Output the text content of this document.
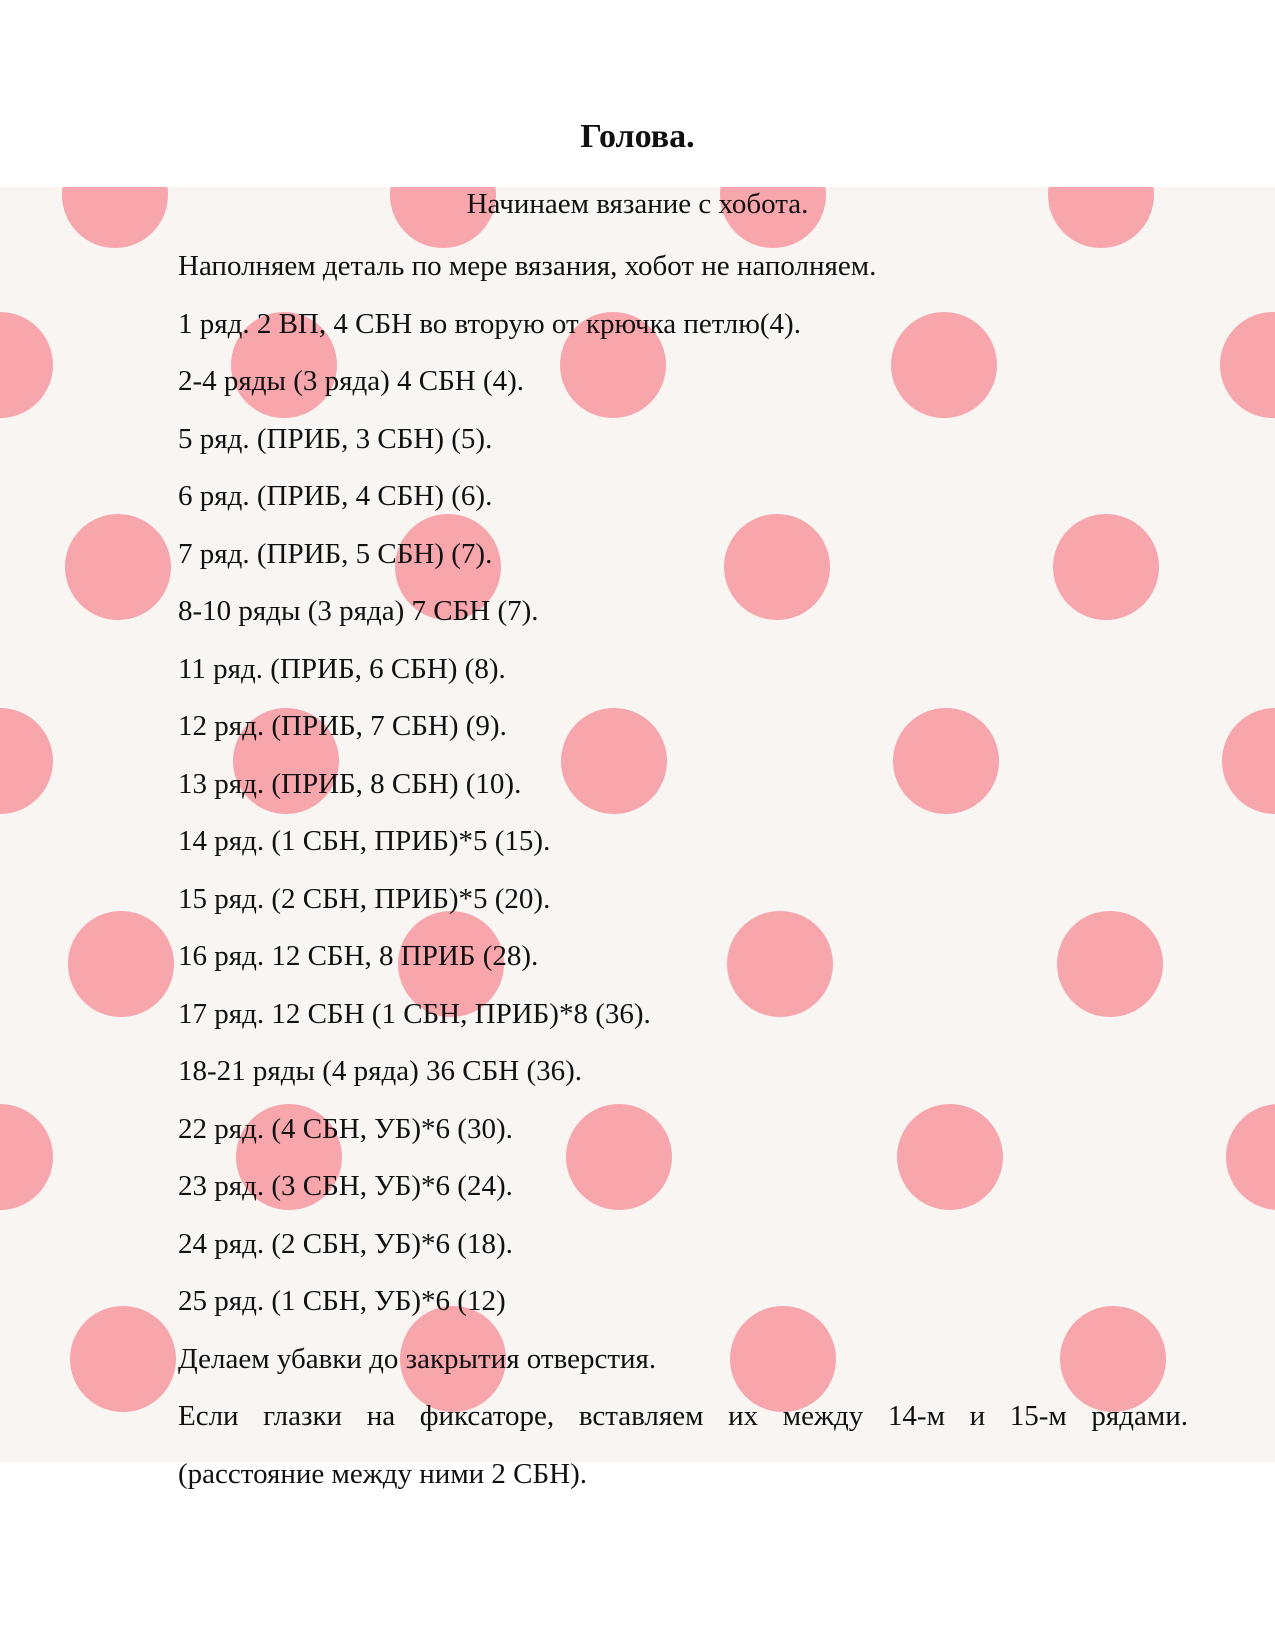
Голова.
Начинаем вязание с хобота.
Наполняем деталь по мере вязания, хобот не наполняем.
1 ряд. 2 ВП, 4 СБН во вторую от крючка петлю(4).
2-4 ряды (3 ряда) 4 СБН (4).
5 ряд. (ПРИБ, 3 СБН) (5).
6 ряд. (ПРИБ, 4 СБН) (6).
7 ряд. (ПРИБ, 5 СБН) (7).
8-10 ряды (3 ряда) 7 СБН (7).
11 ряд. (ПРИБ, 6 СБН) (8).
12 ряд. (ПРИБ, 7 СБН) (9).
13 ряд. (ПРИБ, 8 СБН) (10).
14 ряд. (1 СБН, ПРИБ)*5 (15).
15 ряд. (2 СБН, ПРИБ)*5 (20).
16 ряд. 12 СБН, 8 ПРИБ (28).
17 ряд. 12 СБН (1 СБН, ПРИБ)*8 (36).
18-21 ряды (4 ряда) 36 СБН (36).
22 ряд. (4 СБН, УБ)*6 (30).
23 ряд. (3 СБН, УБ)*6 (24).
24 ряд. (2 СБН, УБ)*6 (18).
25 ряд. (1 СБН, УБ)*6 (12)
Делаем убавки до закрытия отверстия.
Если глазки на фиксаторе, вставляем их между 14-м и 15-м рядами.
(расстояние между ними 2 СБН).
